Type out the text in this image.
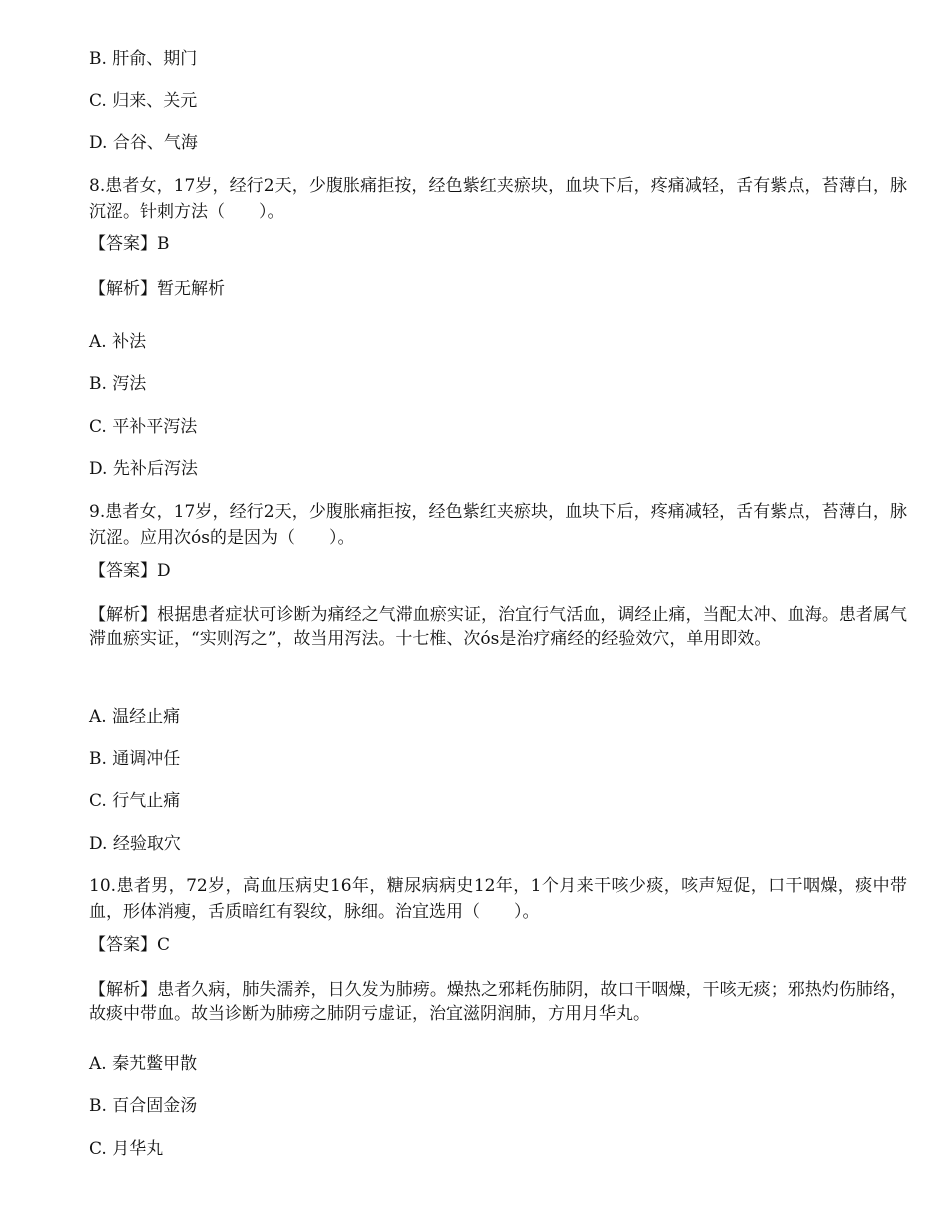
B. 肝俞、期门
C. 归来、关元
D. 合谷、气海
8.患者女，17岁，经行2天，少腹胀痛拒按，经色紫红夹瘀块，血块下后，疼痛减轻，舌有紫点，苔薄白，脉沉涩。针刺方法（　　）。
【答案】B
【解析】暂无解析
A. 补法
B. 泻法
C. 平补平泻法
D. 先补后泻法
9.患者女，17岁，经行2天，少腹胀痛拒按，经色紫红夹瘀块，血块下后，疼痛减轻，舌有紫点，苔薄白，脉沉涩。应用次ós的是因为（　　）。
【答案】D
【解析】根据患者症状可诊断为痛经之气滞血瘀实证，治宜行气活血，调经止痛，当配太冲、血海。患者属气滞血瘀实证，“实则泻之”，故当用泻法。十七椎、次ós是治疗痛经的经验效穴，单用即效。
A. 温经止痛
B. 通调冲任
C. 行气止痛
D. 经验取穴
10.患者男，72岁，高血压病史16年，糖尿病病史12年，1个月来干咳少痰，咳声短促，口干咽燥，痰中带血，形体消瘦，舌质暗红有裂纹，脉细。治宜选用（　　）。
【答案】C
【解析】患者久病，肺失濡养，日久发为肺痨。燥热之邪耗伤肺阴，故口干咽燥，干咳无痰；邪热灼伤肺络，故痰中带血。故当诊断为肺痨之肺阴亏虚证，治宜滋阴润肺，方用月华丸。
A. 秦艽鳖甲散
B. 百合固金汤
C. 月华丸
